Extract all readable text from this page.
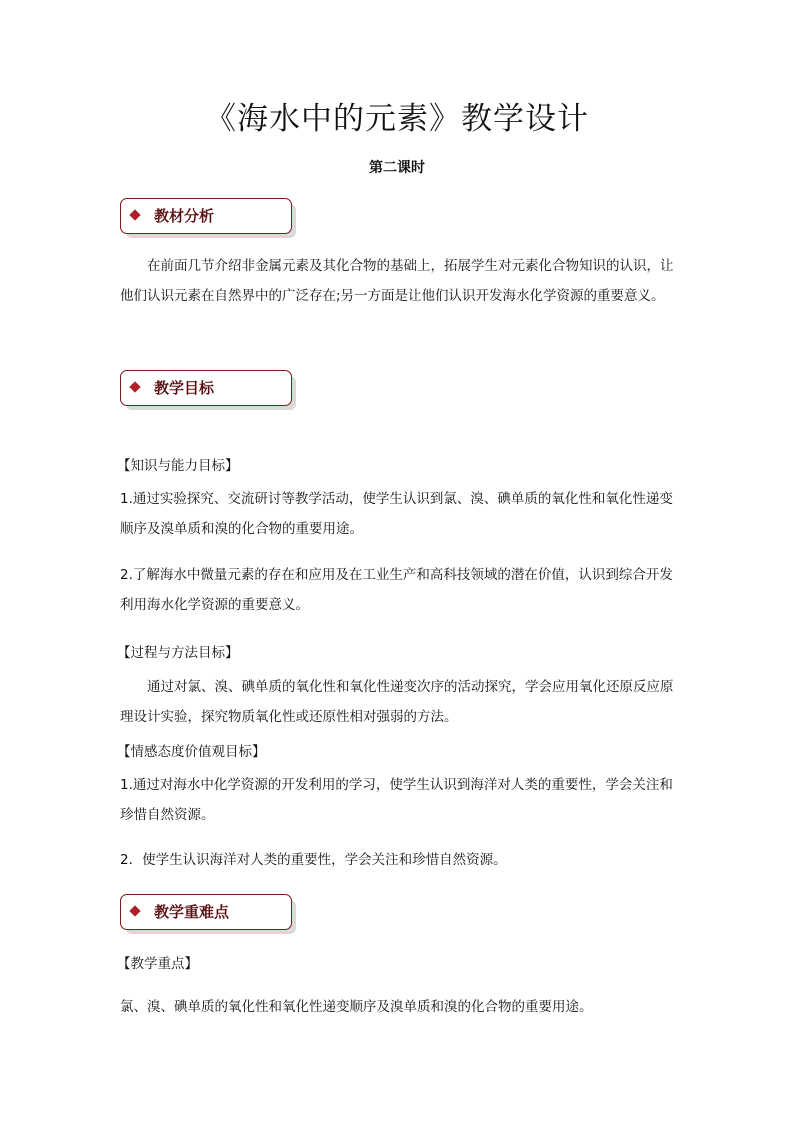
《海水中的元素》教学设计

第二课时

教材分析

在前面几节介绍非金属元素及其化合物的基础上，拓展学生对元素化合物知识的认识，让他们认识元素在自然界中的广泛存在;另一方面是让他们认识开发海水化学资源的重要意义。

教学目标

【知识与能力目标】

1.通过实验探究、交流研讨等教学活动，使学生认识到氯、溴、碘单质的氧化性和氧化性递变顺序及溴单质和溴的化合物的重要用途。

2.了解海水中微量元素的存在和应用及在工业生产和高科技领域的潜在价值，认识到综合开发利用海水化学资源的重要意义。

【过程与方法目标】

通过对氯、溴、碘单质的氧化性和氧化性递变次序的活动探究，学会应用氧化还原反应原理设计实验，探究物质氧化性或还原性相对强弱的方法。

【情感态度价值观目标】

1.通过对海水中化学资源的开发利用的学习，使学生认识到海洋对人类的重要性，学会关注和珍惜自然资源。

2．使学生认识海洋对人类的重要性，学会关注和珍惜自然资源。

教学重难点

【教学重点】

氯、溴、碘单质的氧化性和氧化性递变顺序及溴单质和溴的化合物的重要用途。
